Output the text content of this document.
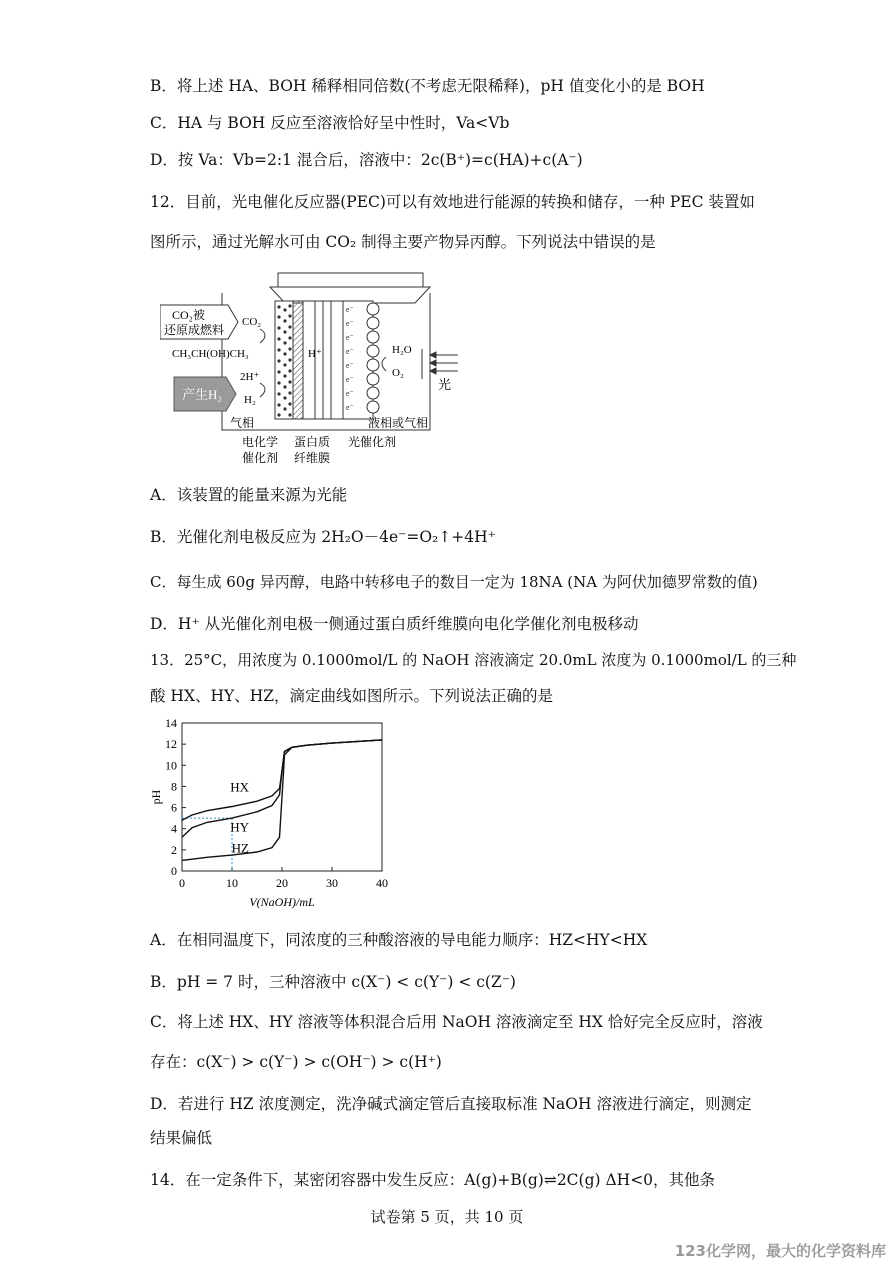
B．将上述 HA、BOH 稀释相同倍数(不考虑无限稀释)，pH 值变化小的是 BOH
C．HA 与 BOH 反应至溶液恰好呈中性时，Va<Vb
D．按 Va：Vb=2:1 混合后，溶液中：2c(B⁺)=c(HA)+c(A⁻)
12．目前，光电催化反应器(PEC)可以有效地进行能源的转换和储存，一种 PEC 装置如
图所示，通过光解水可由 CO₂ 制得主要产物异丙醇。下列说法中错误的是
H⁺
e⁻
e⁻
e⁻
e⁻
e⁻
e⁻
e⁻
e⁻
CO₂被
还原成燃料
产生H₂
CO₂
CH₃CH(OH)CH₃
2H⁺
H₂
气相
H₂O
O₂
光
液相或气相
电化学
催化剂
蛋白质
纤维膜
光催化剂
A．该装置的能量来源为光能
B．光催化剂电极反应为 2H₂O－4e⁻=O₂↑+4H⁺
C．每生成 60g 异丙醇，电路中转移电子的数目一定为 18NA (NA 为阿伏加德罗常数的值)
D．H⁺ 从光催化剂电极一侧通过蛋白质纤维膜向电化学催化剂电极移动
13．25°C，用浓度为 0.1000mol/L 的 NaOH 溶液滴定 20.0mL 浓度为 0.1000mol/L 的三种
酸 HX、HY、HZ，滴定曲线如图所示。下列说法正确的是
0
2
4
6
8
10
12
14
0	10	20	30	40
pH
V(NaOH)/mL
HX
HY
HZ
A．在相同温度下，同浓度的三种酸溶液的导电能力顺序：HZ<HY<HX
B．pH = 7 时，三种溶液中 c(X⁻) < c(Y⁻) < c(Z⁻)
C．将上述 HX、HY 溶液等体积混合后用 NaOH 溶液滴定至 HX 恰好完全反应时，溶液
存在：c(X⁻) > c(Y⁻) > c(OH⁻) > c(H⁺)
D．若进行 HZ 浓度测定，洗净碱式滴定管后直接取标准 NaOH 溶液进行滴定，则测定
结果偏低
14．在一定条件下，某密闭容器中发生反应：A(g)+B(g)⇌2C(g) ΔH<0，其他条
试卷第 5 页，共 10 页
123化学网，最大的化学资料库
